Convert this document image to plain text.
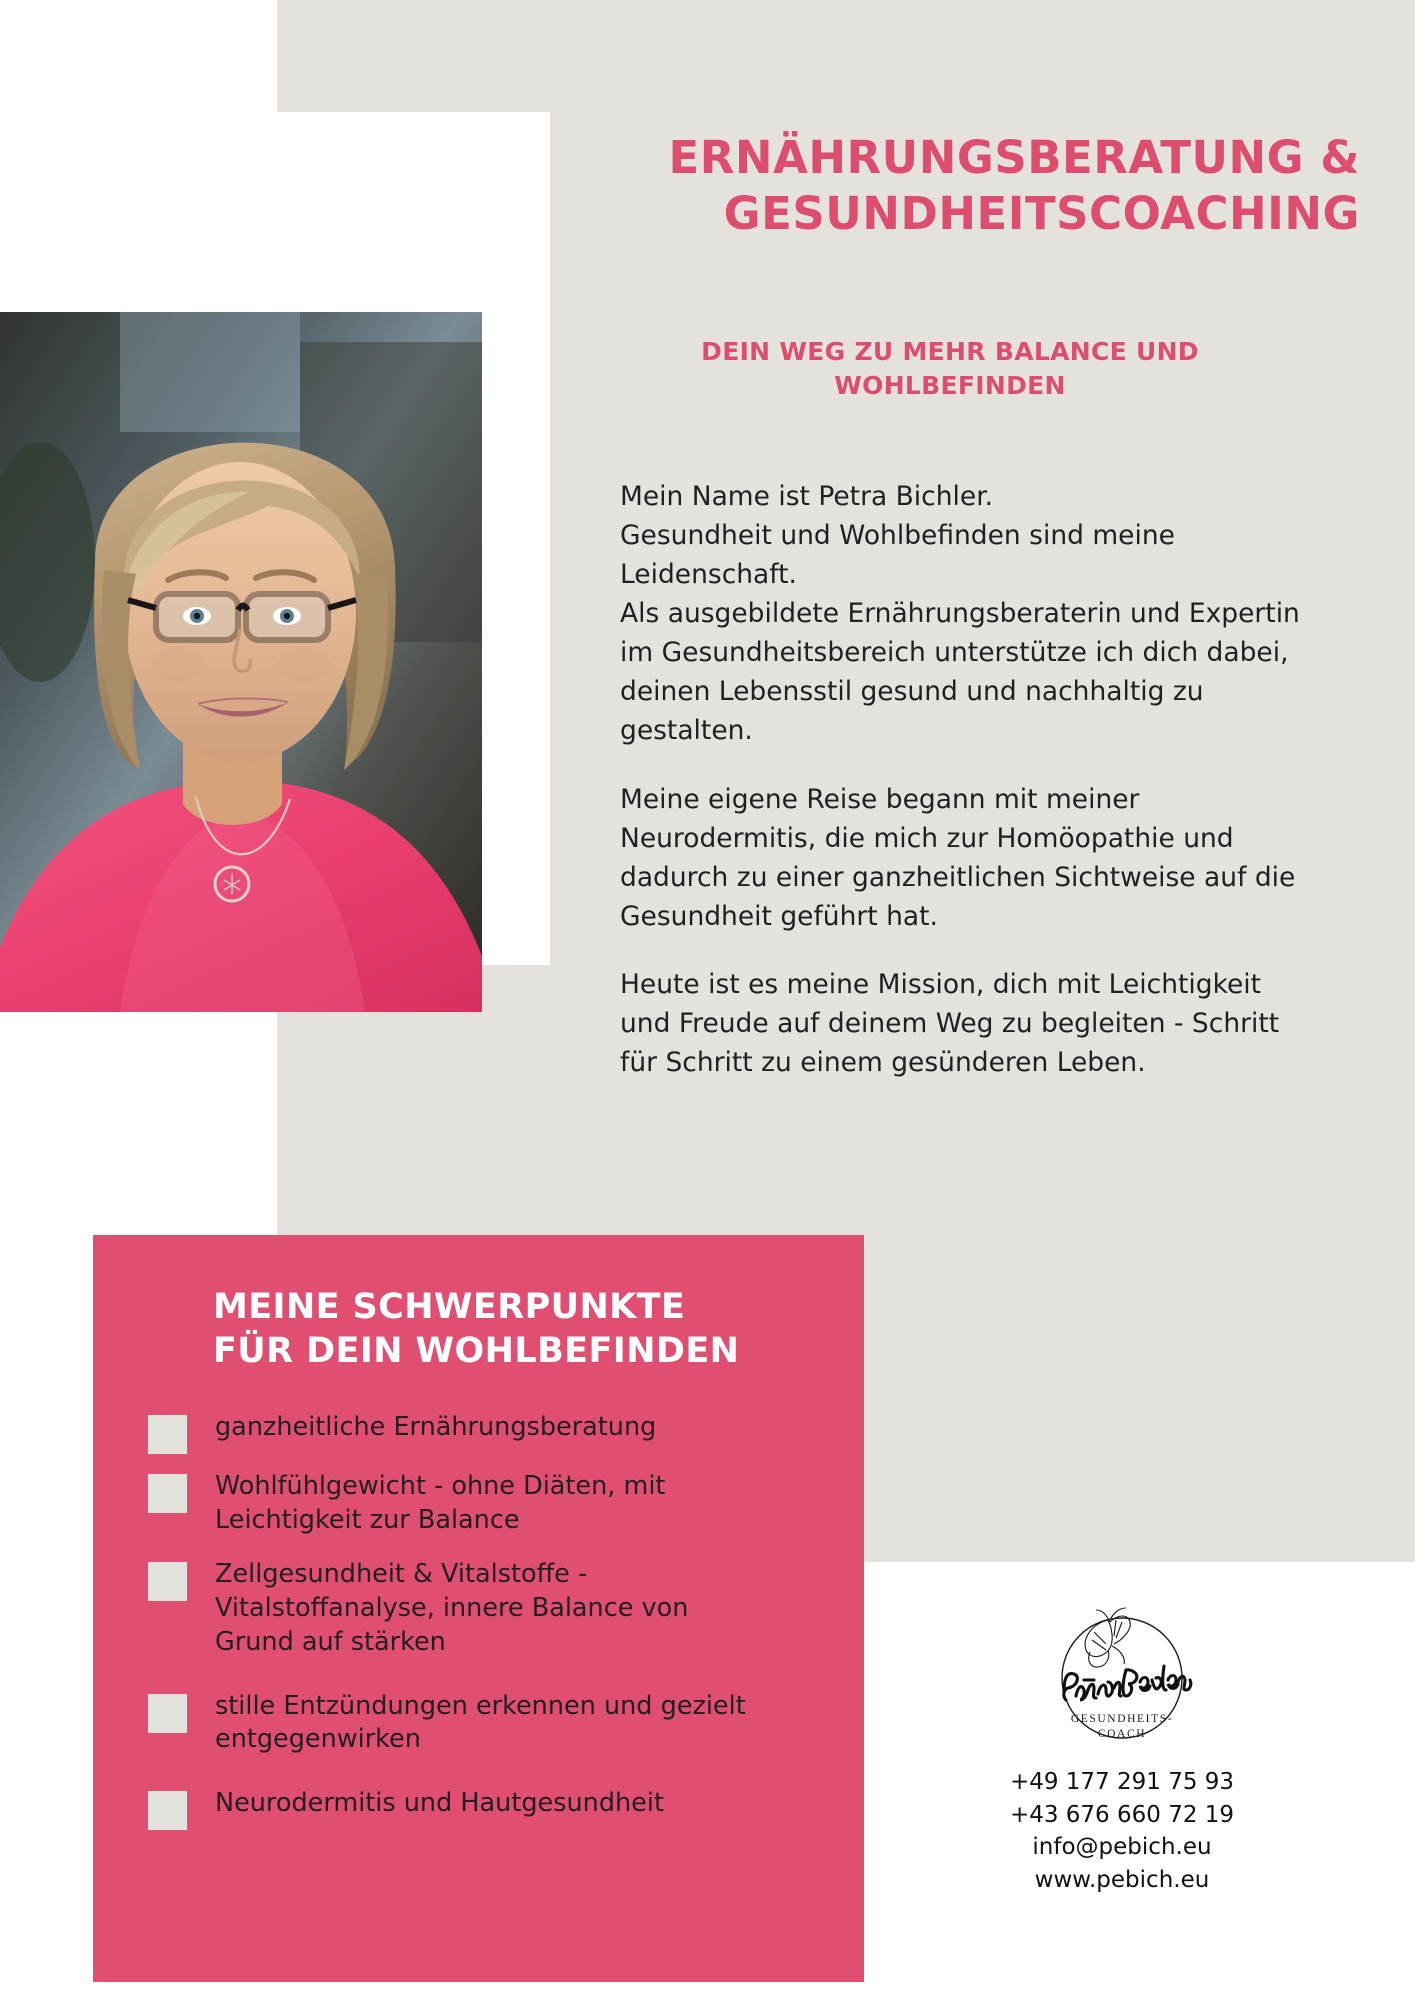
ERNÄHRUNGSBERATUNG &
GESUNDHEITSCOACHING
DEIN WEG ZU MEHR BALANCE UND
WOHLBEFINDEN

Mein Name ist Petra Bichler.
Gesundheit und Wohlbefinden sind meine
Leidenschaft.
Als ausgebildete Ernährungsberaterin und Expertin
im Gesundheitsbereich unterstütze ich dich dabei,
deinen Lebensstil gesund und nachhaltig zu
gestalten.

Meine eigene Reise begann mit meiner
Neurodermitis, die mich zur Homöopathie und
dadurch zu einer ganzheitlichen Sichtweise auf die
Gesundheit geführt hat.

Heute ist es meine Mission, dich mit Leichtigkeit
und Freude auf deinem Weg zu begleiten - Schritt
für Schritt zu einem gesünderen Leben.

MEINE SCHWERPUNKTE
FÜR DEIN WOHLBEFINDEN
ganzheitliche Ernährungsberatung
Wohlfühlgewicht - ohne Diäten, mit Leichtigkeit zur Balance
Zellgesundheit & Vitalstoffe - Vitalstoffanalyse, innere Balance von Grund auf stärken
stille Entzündungen erkennen und gezielt entgegenwirken
Neurodermitis und Hautgesundheit
GESUNDHEITS-
COACH
+49 177 291 75 93
+43 676 660 72 19
info@pebich.eu
www.pebich.eu
